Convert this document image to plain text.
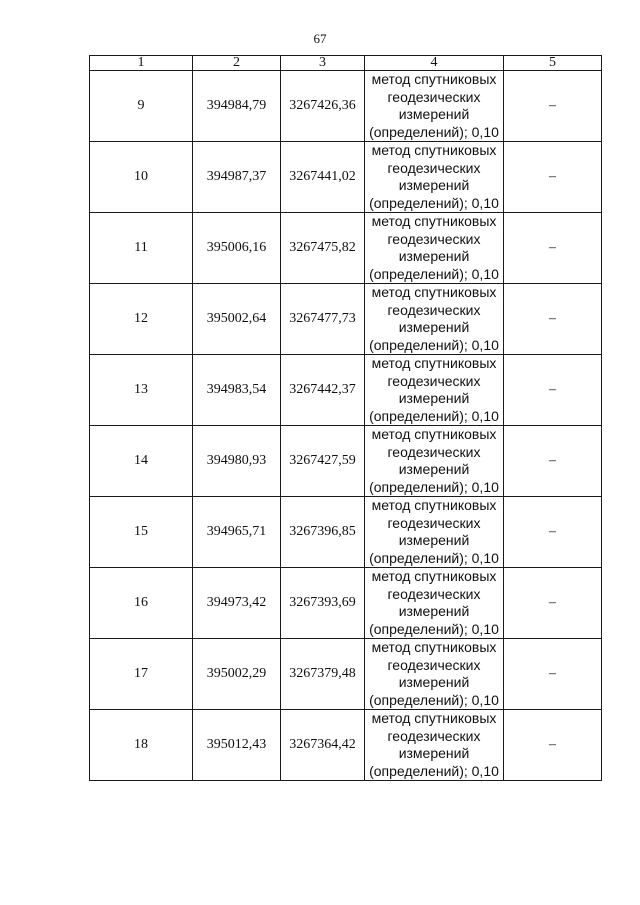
67
1	2	3	4	5
9	394984,79	3267426,36	метод спутниковых геодезических измерений (определений); 0,10	–
10	394987,37	3267441,02	метод спутниковых геодезических измерений (определений); 0,10	–
11	395006,16	3267475,82	метод спутниковых геодезических измерений (определений); 0,10	–
12	395002,64	3267477,73	метод спутниковых геодезических измерений (определений); 0,10	–
13	394983,54	3267442,37	метод спутниковых геодезических измерений (определений); 0,10	–
14	394980,93	3267427,59	метод спутниковых геодезических измерений (определений); 0,10	–
15	394965,71	3267396,85	метод спутниковых геодезических измерений (определений); 0,10	–
16	394973,42	3267393,69	метод спутниковых геодезических измерений (определений); 0,10	–
17	395002,29	3267379,48	метод спутниковых геодезических измерений (определений); 0,10	–
18	395012,43	3267364,42	метод спутниковых геодезических измерений (определений); 0,10	–
